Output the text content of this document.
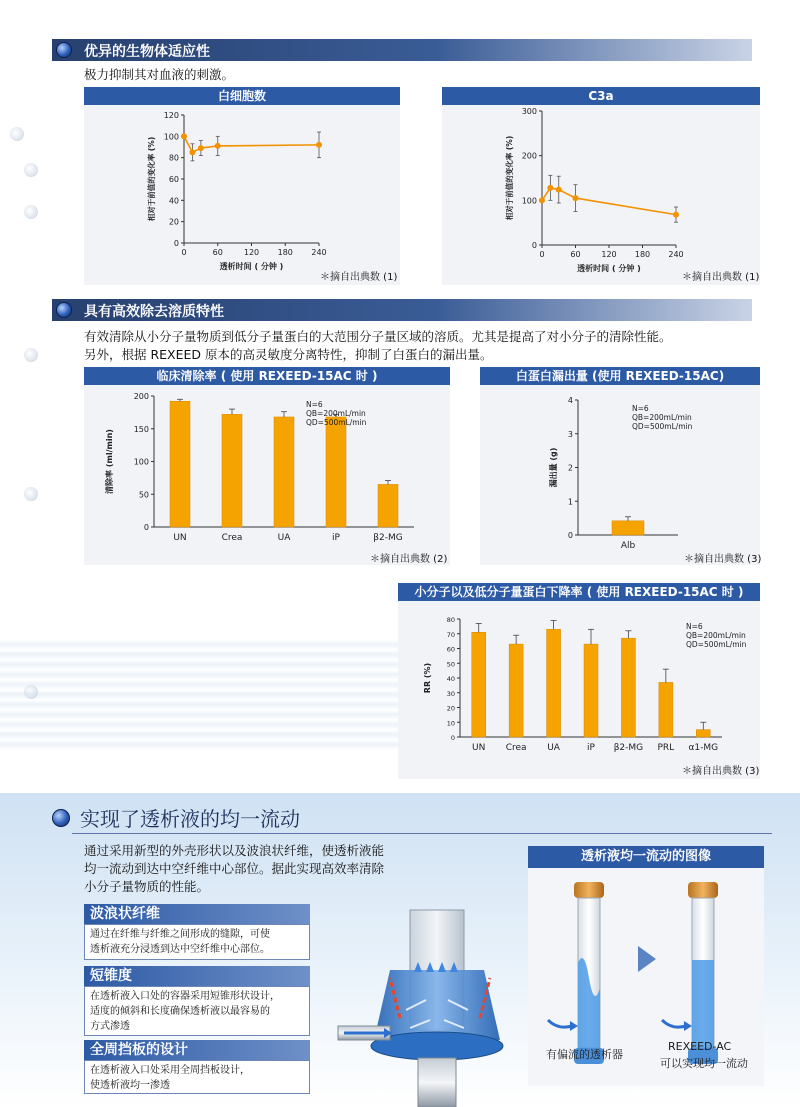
优异的生物体适应性
极力抑制其对血液的刺激。
白细胞数
0
20
40
60
80
100
120
0	60	120 180 240
相对于前值的变化率 (%)
透析时间 ( 分钟 )
＊摘自出典数 (1)
C3a
0
100
200
300
0	60	120 180 240
相对于前值的变化率 (%)
透析时间 ( 分钟 )
＊摘自出典数 (1)
具有高效除去溶质特性
有效清除从小分子量物质到低分子量蛋白的大范围分子量区域的溶质。尤其是提高了对小分子的清除性能。
另外，根据 REXEED 原本的高灵敏度分离特性，抑制了白蛋白的漏出量。
临床清除率 ( 使用 REXEED-15AC 时 )
0
50
100
150
200
清除率 (ml/min)
UN	Crea	UA	iP	β2-MG
N=6
QB=200mL/min
QD=500mL/min
＊摘自出典数 (2)
白蛋白漏出量 (使用 REXEED-15AC)
0
1
2
3
4
漏出量 (g)
Alb
N=6
QB=200mL/min
QD=500mL/min
＊摘自出典数 (3)
小分子以及低分子量蛋白下降率 ( 使用 REXEED-15AC 时 )
0
10
20
30
40
50
60
70
80
RR (%)
UN Crea UA	iP β2-MG PRL α1-MG
N=6
QB=200mL/min
QD=500mL/min
＊摘自出典数 (3)
实现了透析液的均一流动
通过采用新型的外壳形状以及波浪状纤维，使透析液能
均一流动到达中空纤维中心部位。据此实现高效率清除
小分子量物质的性能。
波浪状纤维
通过在纤维与纤维之间形成的缝隙，可使
透析液充分浸透到达中空纤维中心部位。
短锥度
在透析液入口处的容器采用短锥形状设计，
适度的倾斜和长度确保透析液以最容易的
方式渗透
全周挡板的设计
在透析液入口处采用全周挡板设计，
使透析液均一渗透
透析液均一流动的图像
有偏流的透析器
REXEED-AC
可以实现均一流动
